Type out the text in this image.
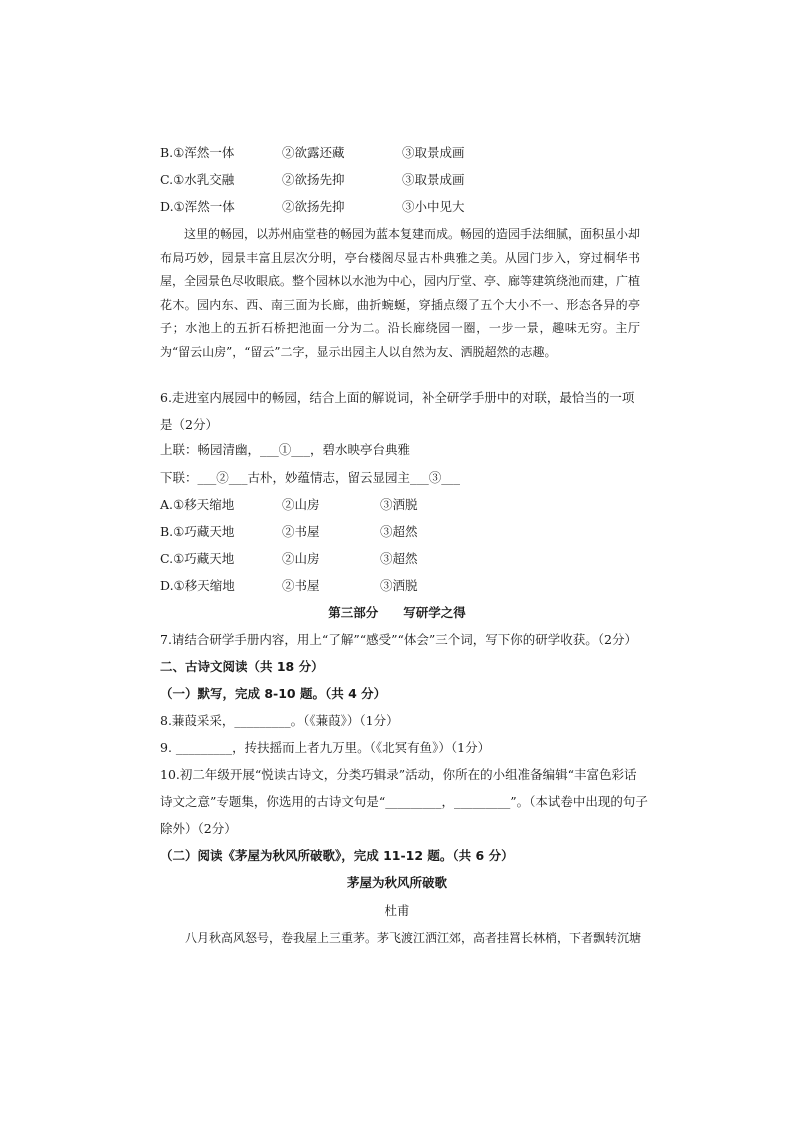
B.①浑然一体	②欲露还藏	③取景成画
C.①水乳交融	②欲扬先抑	③取景成画
D.①浑然一体	②欲扬先抑	③小中见大

这里的畅园，以苏州庙堂巷的畅园为蓝本复建而成。畅园的造园手法细腻，面积虽小却布局巧妙，园景丰富且层次分明，亭台楼阁尽显古朴典雅之美。从园门步入，穿过桐华书屋，全园景色尽收眼底。整个园林以水池为中心，园内厅堂、亭、廊等建筑绕池而建，广植花木。园内东、西、南三面为长廊，曲折蜿蜒，穿插点缀了五个大小不一、形态各异的亭子；水池上的五折石桥把池面一分为二。沿长廊绕园一圈，一步一景，趣味无穷。主厅为“留云山房”，“留云”二字，显示出园主人以自然为友、洒脱超然的志趣。

6.走进室内展园中的畅园，结合上面的解说词，补全研学手册中的对联，最恰当的一项是（2分）
上联：畅园清幽，___①___，碧水映亭台典雅
下联：___②___古朴，妙蕴情志，留云显园主___③___
A.①移天缩地	②山房	③洒脱
B.①巧藏天地	②书屋	③超然
C.①巧藏天地	②山房	③超然
D.①移天缩地	②书屋	③洒脱
第三部分　　写研学之得
7.请结合研学手册内容，用上“了解”“感受”“体会”三个词，写下你的研学收获。（2分）
二、古诗文阅读（共 18 分）
（一）默写，完成 8-10 题。（共 4 分）
8.蒹葭采采，_________。（《蒹葭》）（1分）
9. _________，抟扶摇而上者九万里。（《北冥有鱼》）（1分）
10.初二年级开展“悦读古诗文，分类巧辑录”活动，你所在的小组准备编辑“丰富色彩话
诗文之意”专题集，你选用的古诗文句是“_________，_________”。（本试卷中出现的句子
除外）（2分）
（二）阅读《茅屋为秋风所破歌》，完成 11-12 题。（共 6 分）
茅屋为秋风所破歌
杜甫
八月秋高风怒号，卷我屋上三重茅。茅飞渡江洒江郊，高者挂罥长林梢，下者飘转沉塘
